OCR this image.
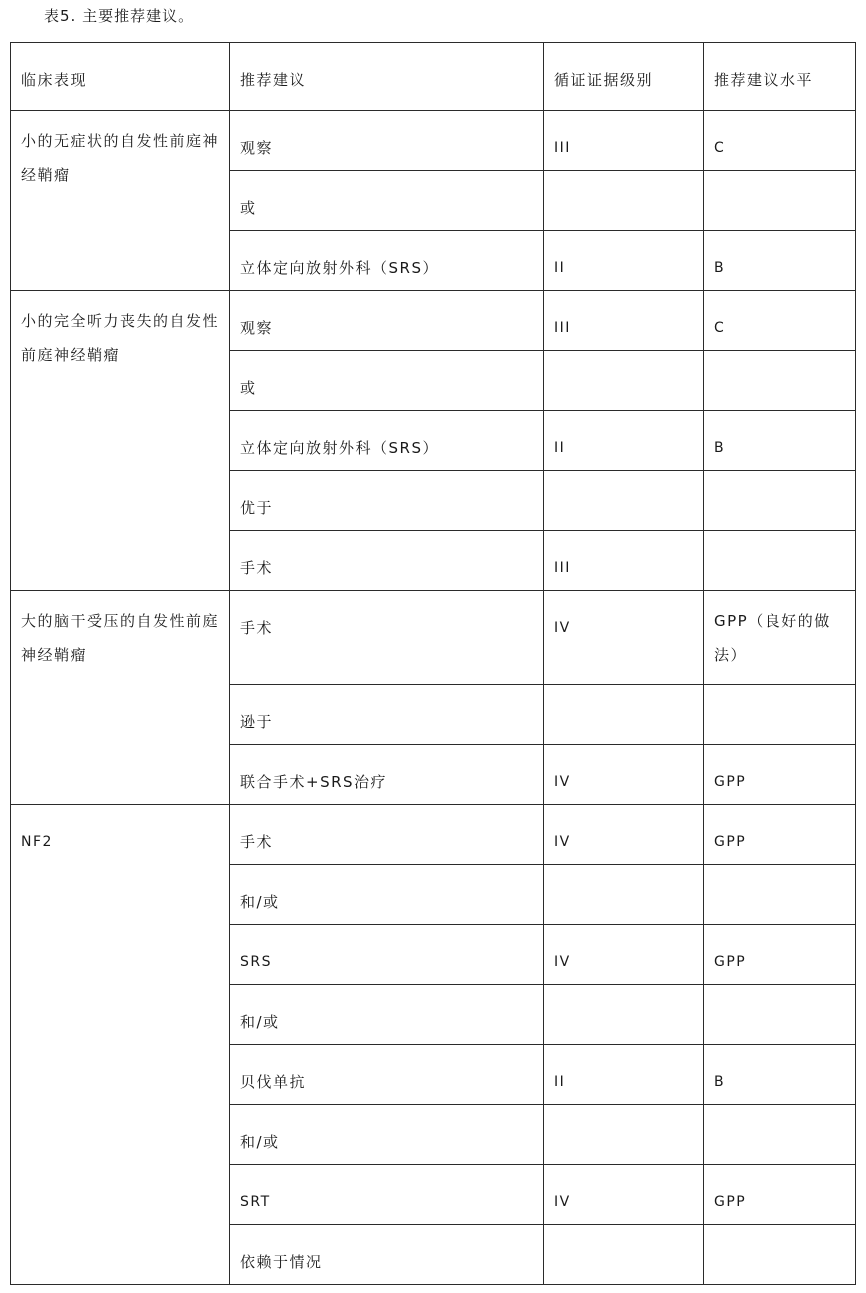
表5. 主要推荐建议。
临床表现	推荐建议	循证证据级别	推荐建议水平
小的无症状的自发性前庭神经鞘瘤	观察	III	C
	或		
	立体定向放射外科（SRS）	II	B
小的完全听力丧失的自发性前庭神经鞘瘤	观察	III	C
	或		
	立体定向放射外科（SRS）	II	B
	优于		
	手术	III	
大的脑干受压的自发性前庭神经鞘瘤	手术	IV	GPP（良好的做法）
	逊于		
	联合手术+SRS治疗	IV	GPP
NF2	手术	IV	GPP
	和/或		
	SRS	IV	GPP
	和/或		
	贝伐单抗	II	B
	和/或		
	SRT	IV	GPP
	依赖于情况		
